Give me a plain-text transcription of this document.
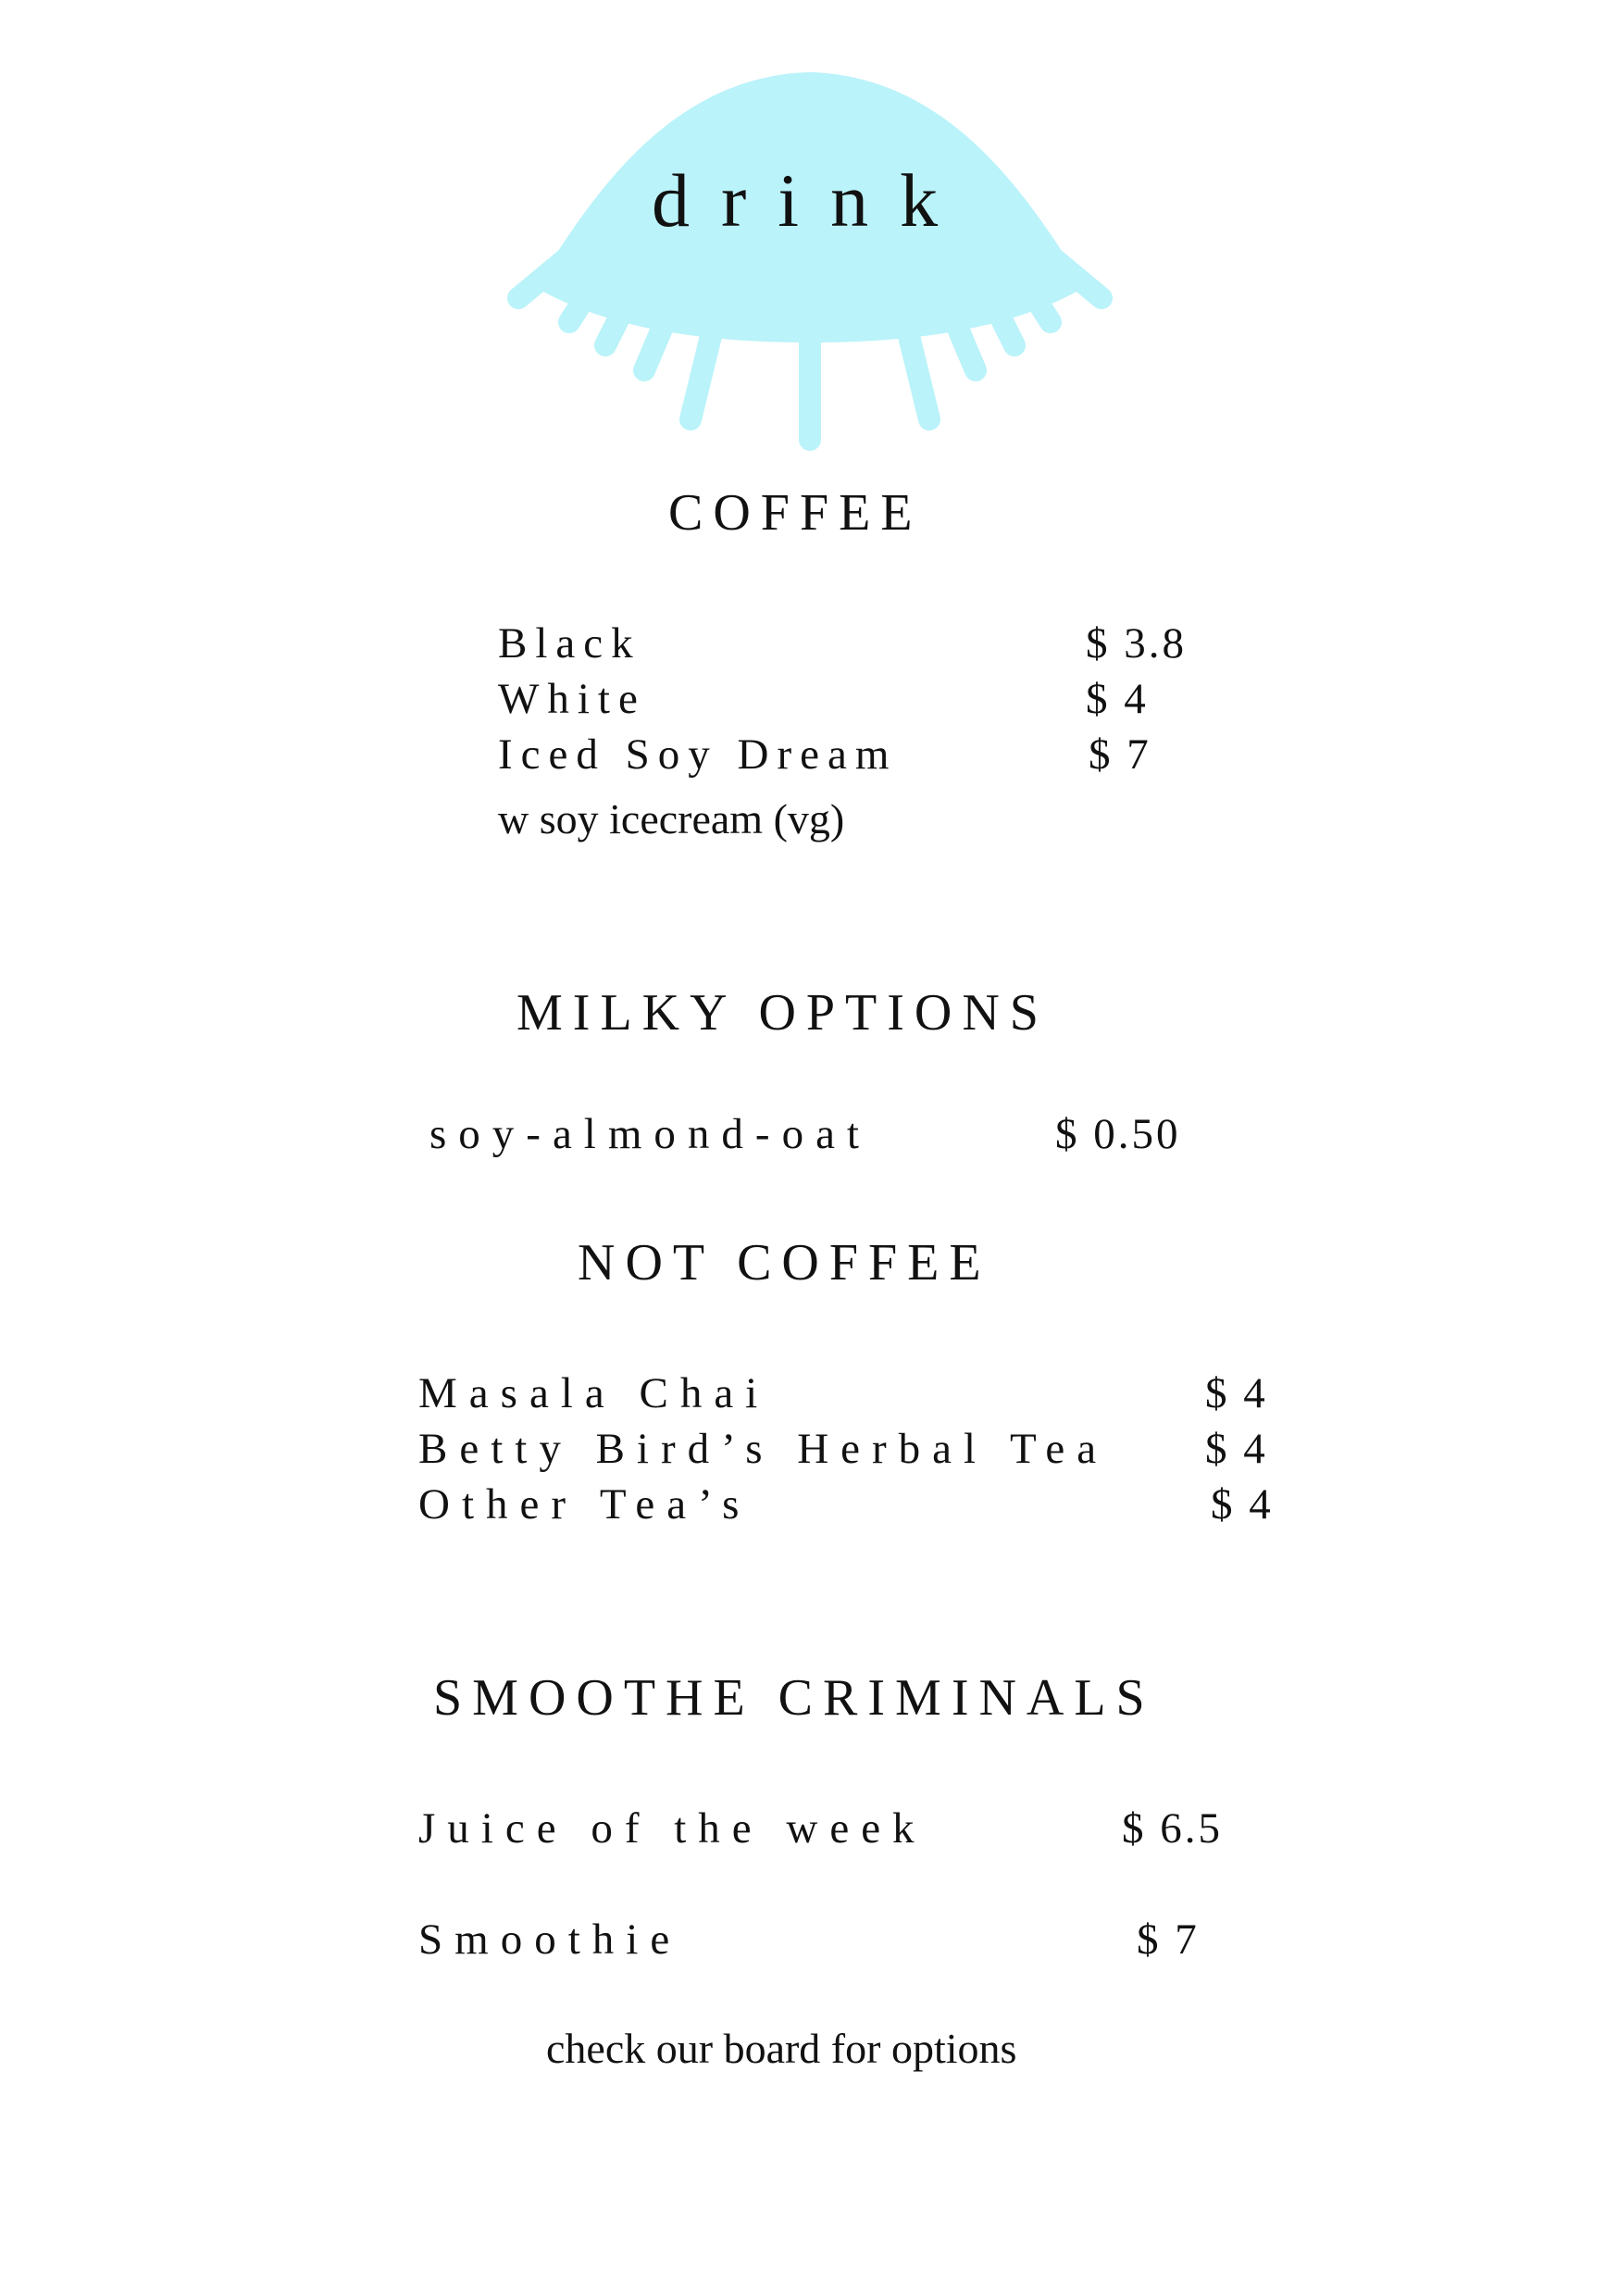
drink
COFFEE
Black	$ 3.8
White	$ 4
Iced Soy Dream	$ 7
w soy icecream (vg)
MILKY OPTIONS
soy-almond-oat	$ 0.50
NOT COFFEE
Masala Chai	$ 4
Betty Bird’s Herbal Tea $ 4
Other Tea’s	$ 4
SMOOTHE CRIMINALS
Juice of the week	$ 6.5
Smoothie	$ 7
check our board for options
